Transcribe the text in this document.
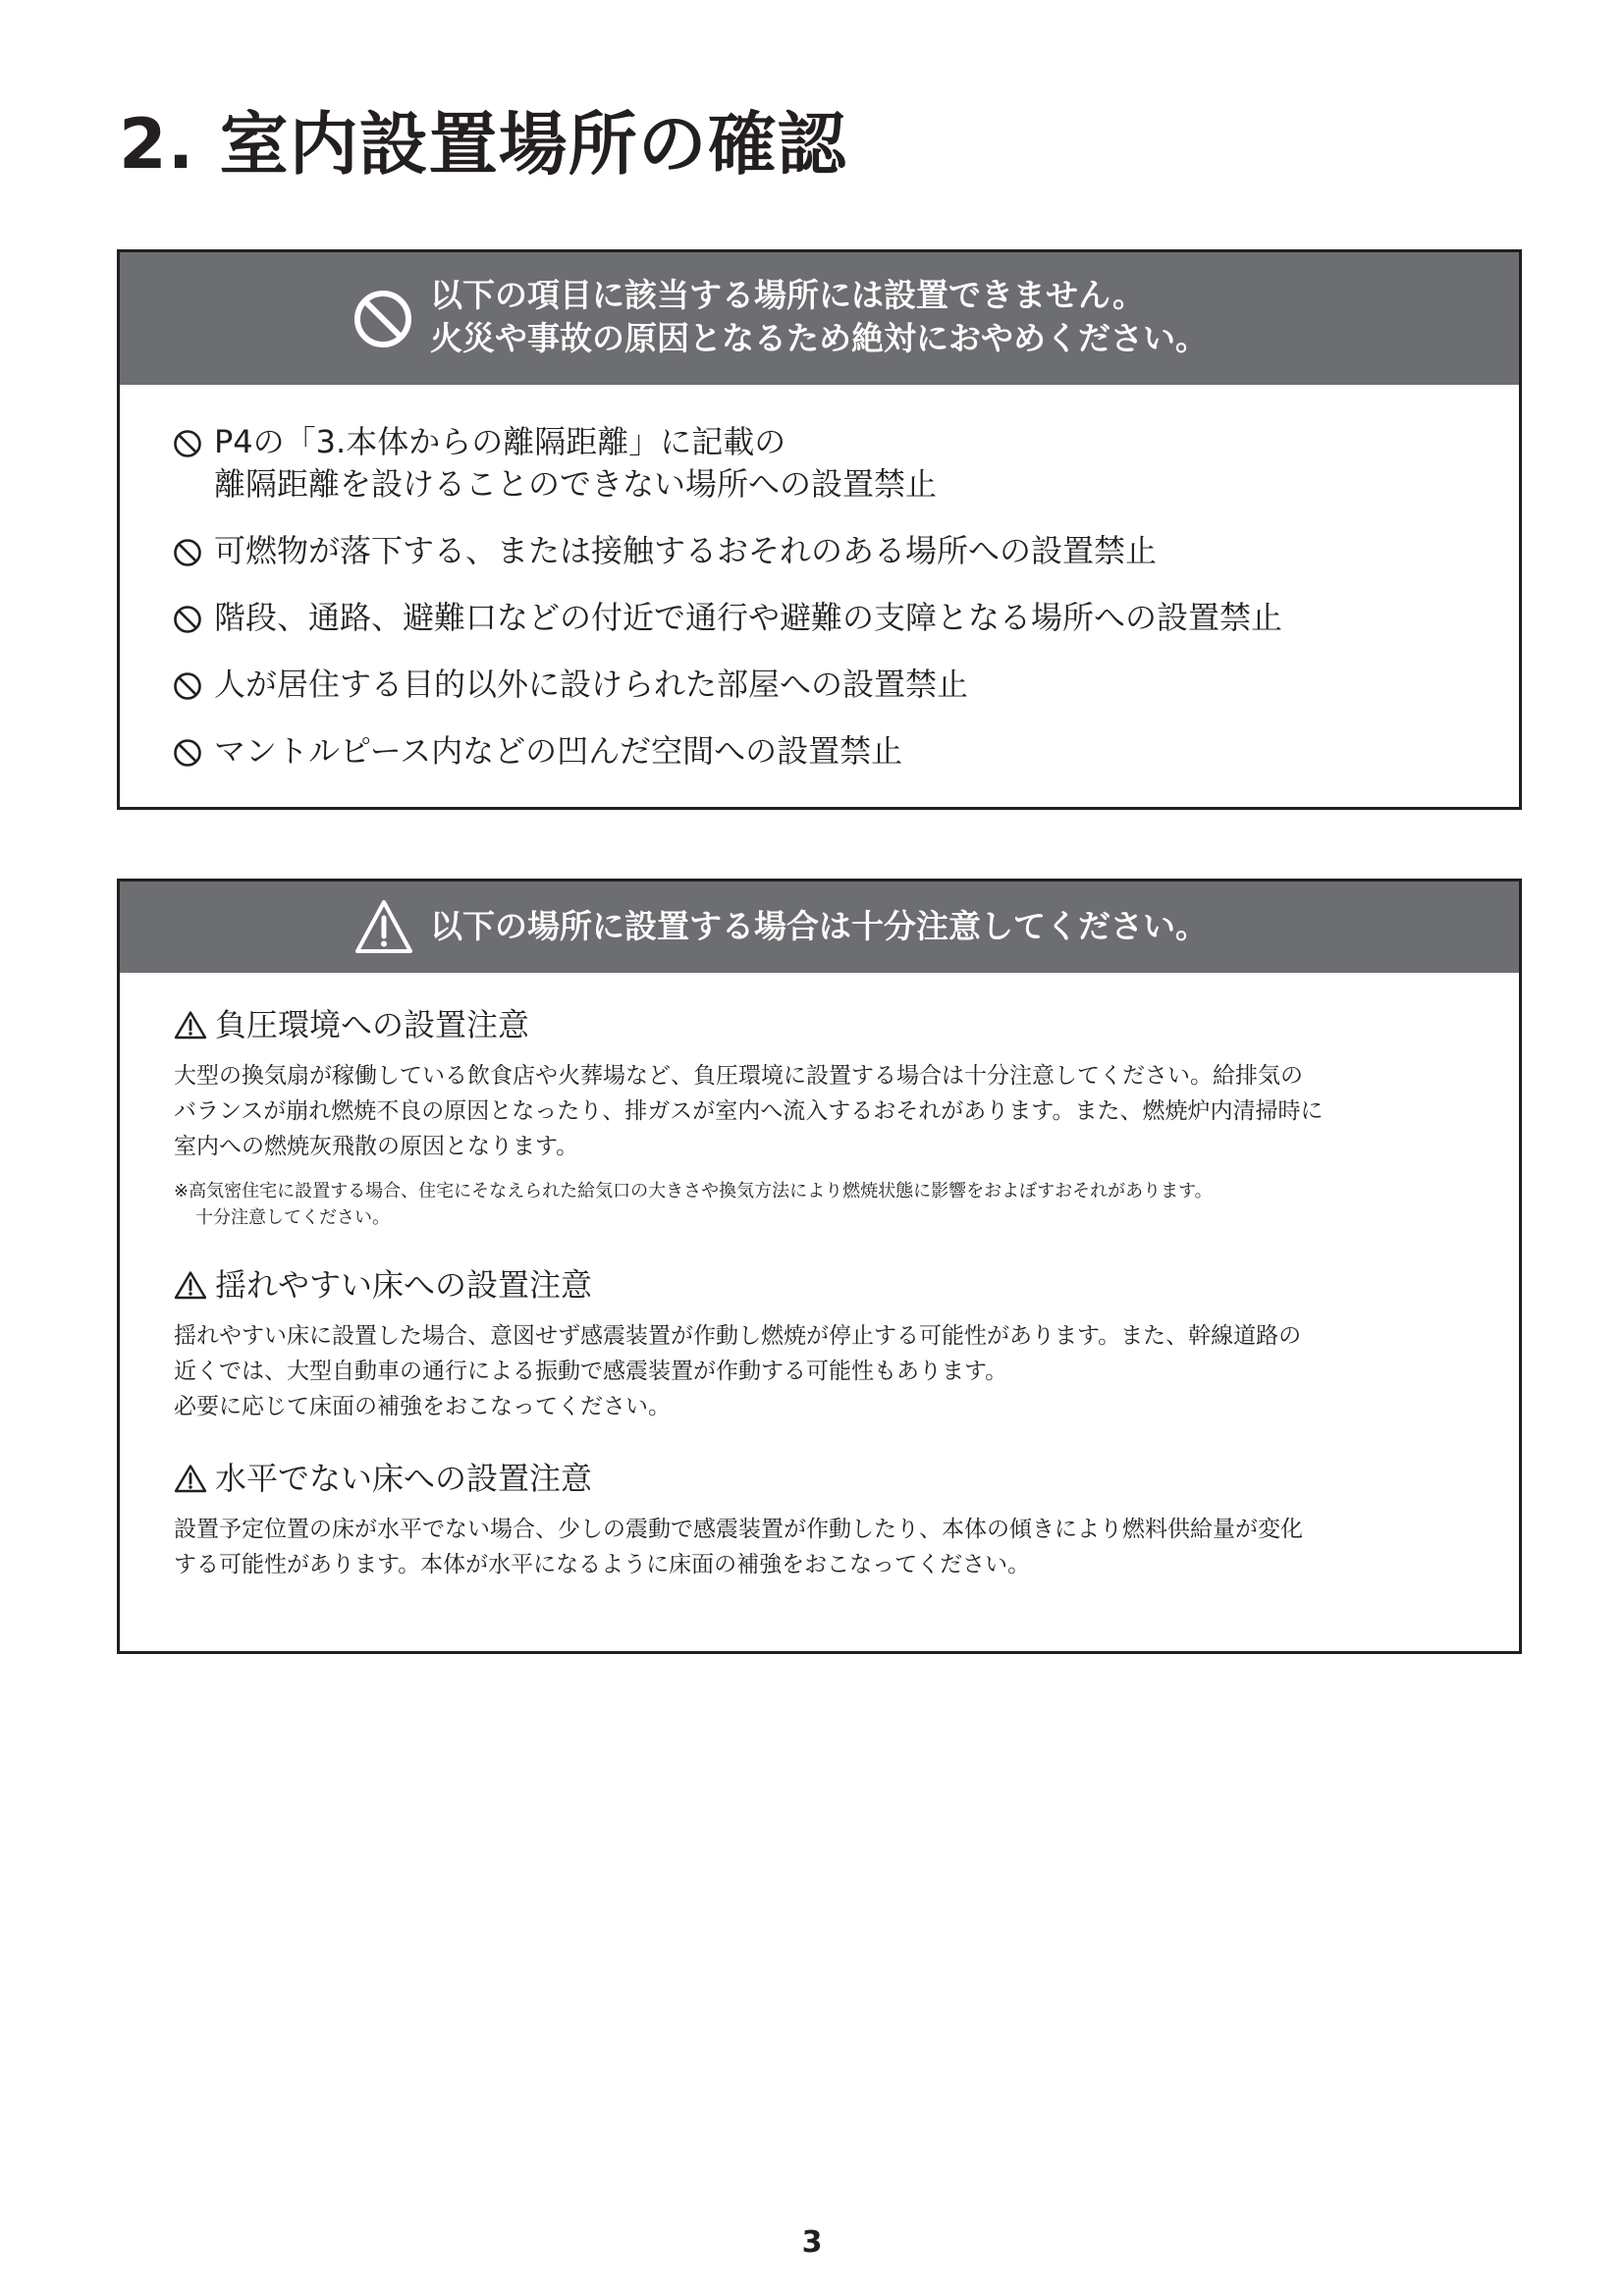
2. 室内設置場所の確認
以下の項目に該当する場所には設置できません。
火災や事故の原因となるため絶対におやめください。
P4の「3.本体からの離隔距離」に記載の
離隔距離を設けることのできない場所への設置禁止
可燃物が落下する、または接触するおそれのある場所への設置禁止
階段、通路、避難口などの付近で通行や避難の支障となる場所への設置禁止
人が居住する目的以外に設けられた部屋への設置禁止
マントルピース内などの凹んだ空間への設置禁止
以下の場所に設置する場合は十分注意してください。
負圧環境への設置注意
大型の換気扇が稼働している飲食店や火葬場など、負圧環境に設置する場合は十分注意してください。給排気の
バランスが崩れ燃焼不良の原因となったり、排ガスが室内へ流入するおそれがあります。また、燃焼炉内清掃時に
室内への燃焼灰飛散の原因となります。
※高気密住宅に設置する場合、住宅にそなえられた給気口の大きさや換気方法により燃焼状態に影響をおよぼすおそれがあります。
十分注意してください。
揺れやすい床への設置注意
揺れやすい床に設置した場合、意図せず感震装置が作動し燃焼が停止する可能性があります。また、幹線道路の
近くでは、大型自動車の通行による振動で感震装置が作動する可能性もあります。
必要に応じて床面の補強をおこなってください。
水平でない床への設置注意
設置予定位置の床が水平でない場合、少しの震動で感震装置が作動したり、本体の傾きにより燃料供給量が変化
する可能性があります。本体が水平になるように床面の補強をおこなってください。
3
